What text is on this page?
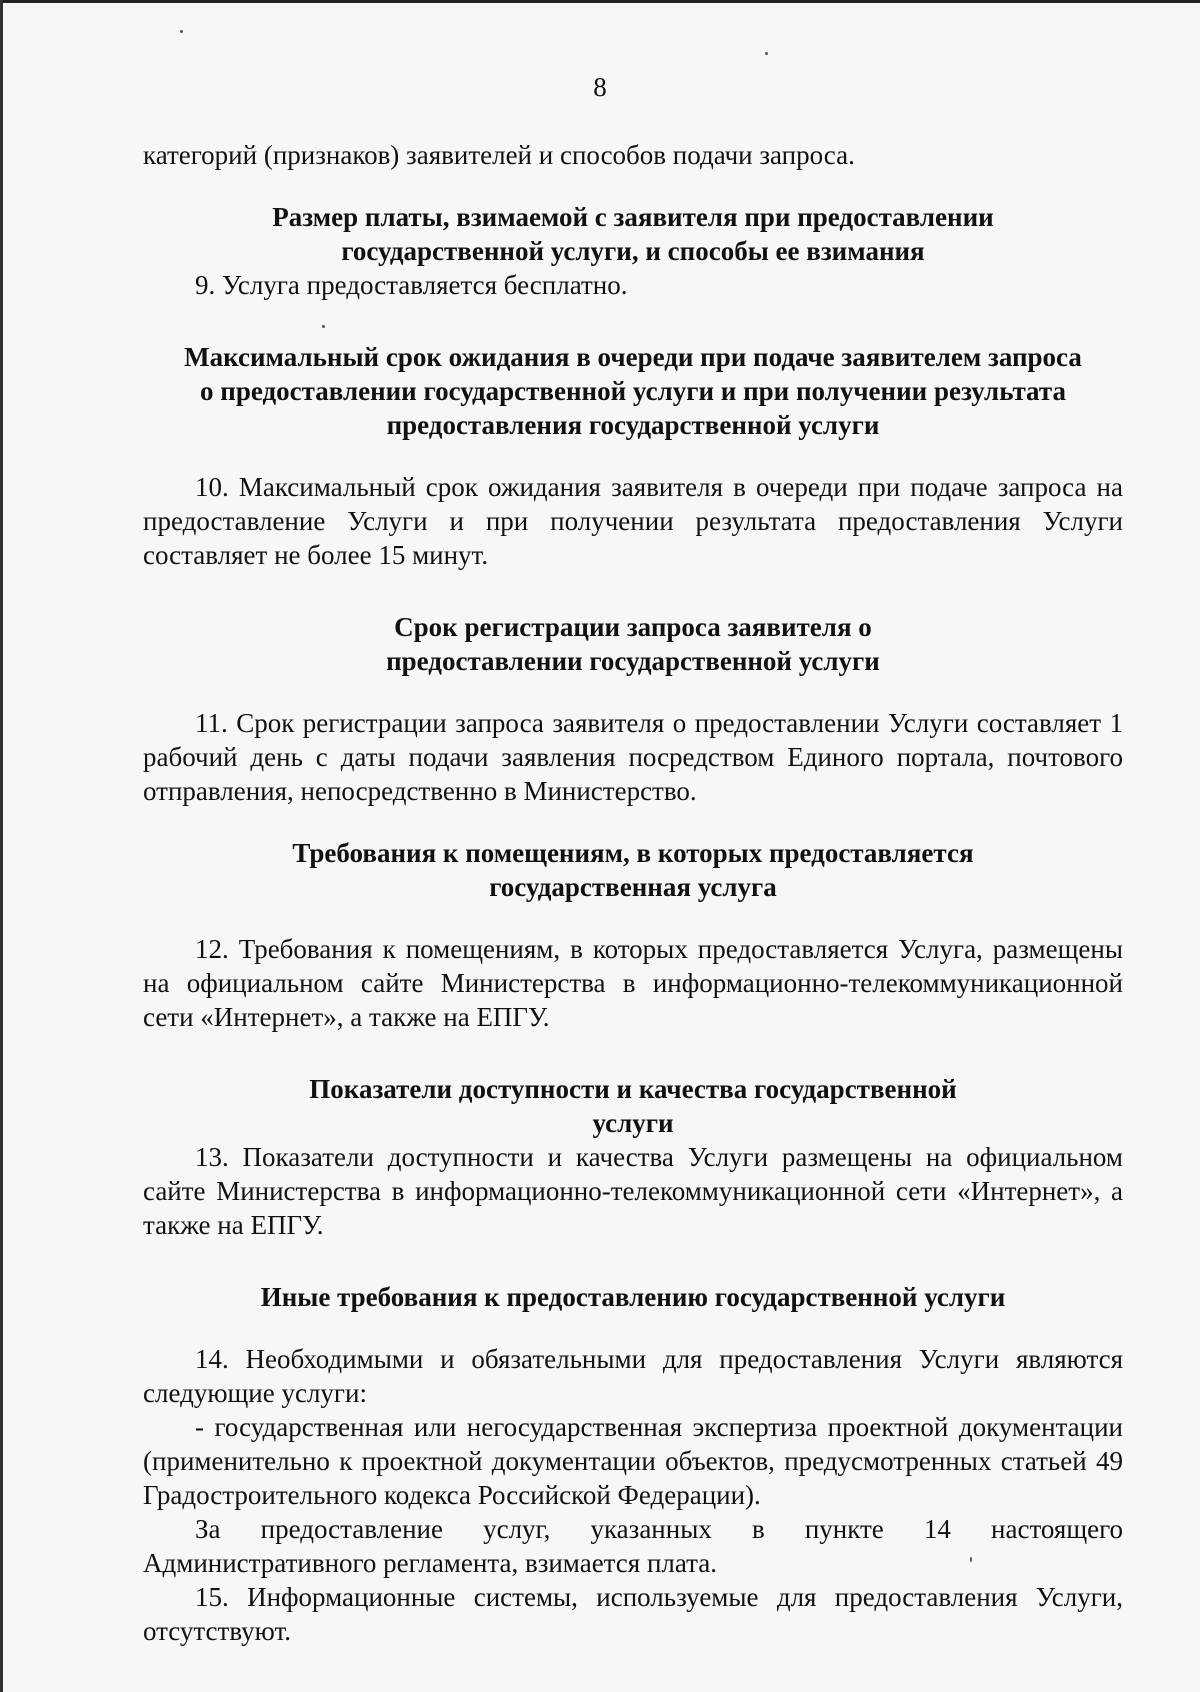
8

категорий (признаков) заявителей и способов подачи запроса.

Размер платы, взимаемой с заявителя при предоставлении государственной услуги, и способы ее взимания

9. Услуга предоставляется бесплатно.

Максимальный срок ожидания в очереди при подаче заявителем запроса о предоставлении государственной услуги и при получении результата предоставления государственной услуги

10. Максимальный срок ожидания заявителя в очереди при подаче запроса на предоставление Услуги и при получении результата предоставления Услуги составляет не более 15 минут.

Срок регистрации запроса заявителя о предоставлении государственной услуги

11. Срок регистрации запроса заявителя о предоставлении Услуги составляет 1 рабочий день с даты подачи заявления посредством Единого портала, почтового отправления, непосредственно в Министерство.

Требования к помещениям, в которых предоставляется государственная услуга

12. Требования к помещениям, в которых предоставляется Услуга, размещены на официальном сайте Министерства в информационно-телекоммуникационной сети «Интернет», а также на ЕПГУ.

Показатели доступности и качества государственной услуги

13. Показатели доступности и качества Услуги размещены на официальном сайте Министерства в информационно-телекоммуникационной сети «Интернет», а также на ЕПГУ.

Иные требования к предоставлению государственной услуги

14. Необходимыми и обязательными для предоставления Услуги являются следующие услуги:

- государственная или негосударственная экспертиза проектной документации (применительно к проектной документации объектов, предусмотренных статьей 49 Градостроительного кодекса Российской Федерации).

За предоставление услуг, указанных в пункте 14 настоящего Административного регламента, взимается плата.

15. Информационные системы, используемые для предоставления Услуги, отсутствуют.
